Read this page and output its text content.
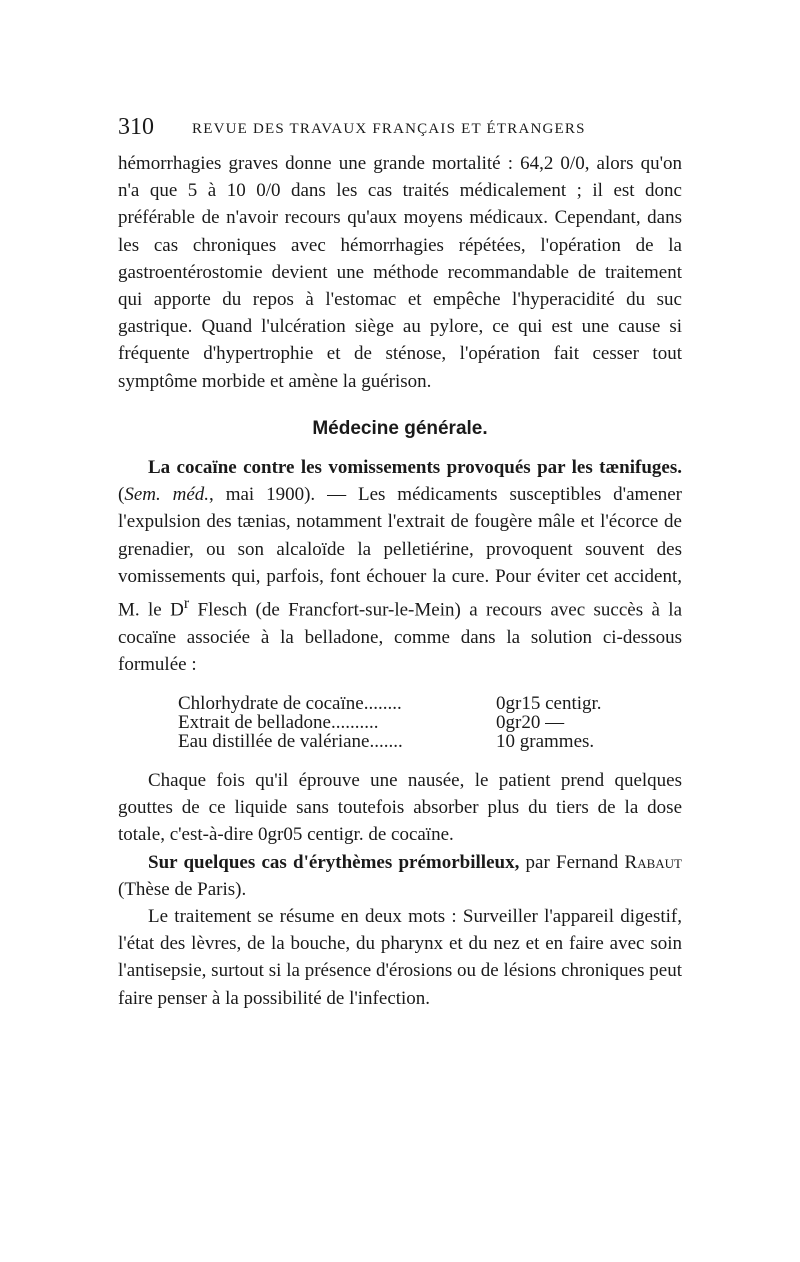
310	REVUE DES TRAVAUX FRANÇAIS ET ÉTRANGERS

hémorrhagies graves donne une grande mortalité : 64,2 0/0, alors qu'on n'a que 5 à 10 0/0 dans les cas traités médicalement ; il est donc préférable de n'avoir recours qu'aux moyens médicaux. Cependant, dans les cas chroniques avec hémorrhagies répétées, l'opération de la gastroentérostomie devient une méthode recommandable de traitement qui apporte du repos à l'estomac et empêche l'hyperacidité du suc gastrique. Quand l'ulcération siège au pylore, ce qui est une cause si fréquente d'hypertrophie et de sténose, l'opération fait cesser tout symptôme morbide et amène la guérison.

Médecine générale.

La cocaïne contre les vomissements provoqués par les tænifuges. (Sem. méd., mai 1900). — Les médicaments susceptibles d'amener l'expulsion des tænias, notamment l'extrait de fougère mâle et l'écorce de grenadier, ou son alcaloïde la pelletiérine, provoquent souvent des vomissements qui, parfois, font échouer la cure. Pour éviter cet accident, M. le $D^r$ Flesch (de Francfort-sur-le-Mein) a recours avec succès à la cocaïne associée à la belladone, comme dans la solution ci-dessous formulée :

Chlorhydrate de cocaïne........	0gr15 centigr.
Extrait de belladone..........	0gr20 —
Eau distillée de valériane.......	10 grammes.

Chaque fois qu'il éprouve une nausée, le patient prend quelques gouttes de ce liquide sans toutefois absorber plus du tiers de la dose totale, c'est-à-dire 0gr05 centigr. de cocaïne.

Sur quelques cas d'érythèmes prémorbilleux, par Fernand Rabaut (Thèse de Paris).

Le traitement se résume en deux mots : Surveiller l'appareil digestif, l'état des lèvres, de la bouche, du pharynx et du nez et en faire avec soin l'antisepsie, surtout si la présence d'érosions ou de lésions chroniques peut faire penser à la possibilité de l'infection.
